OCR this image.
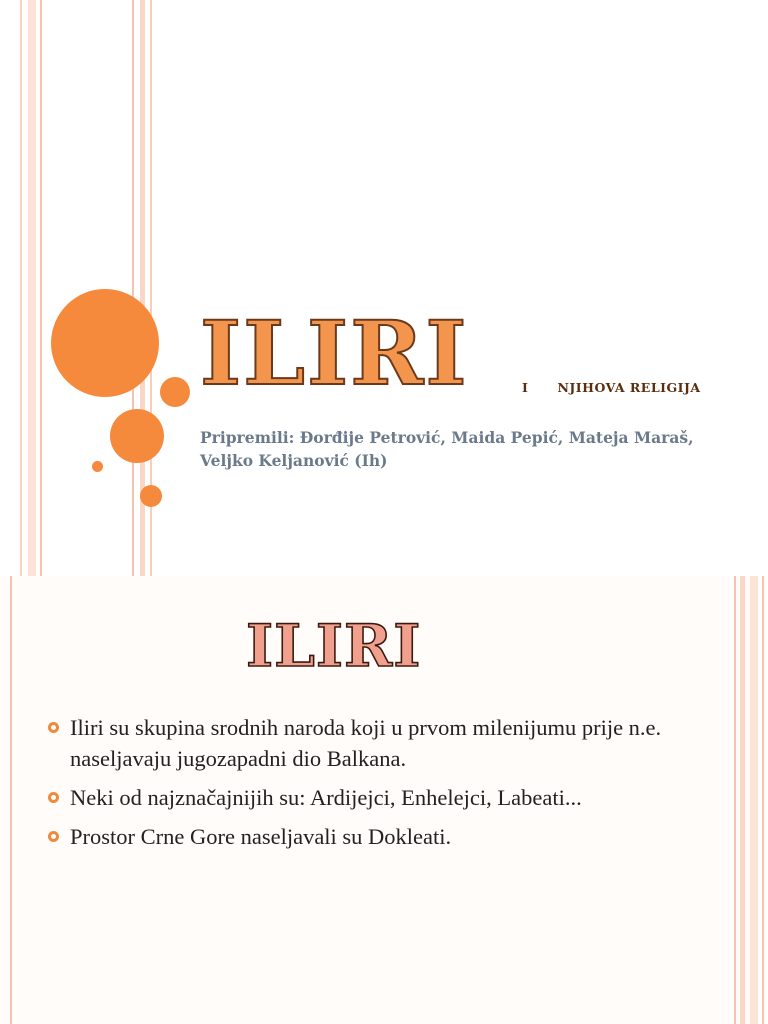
ILIRI	I      NJIHOVA RELIGIJA
Pripremili: Đorđije Petrović, Maida Pepić, Mateja Maraš, Veljko Keljanović (Ih)
ILIRI
Iliri su skupina srodnih naroda koji u prvom milenijumu prije n.e. naseljavaju jugozapadni dio Balkana.
Neki od najznačajnijih su: Ardijejci, Enhelejci, Labeati...
Prostor Crne Gore naseljavali su Dokleati.
